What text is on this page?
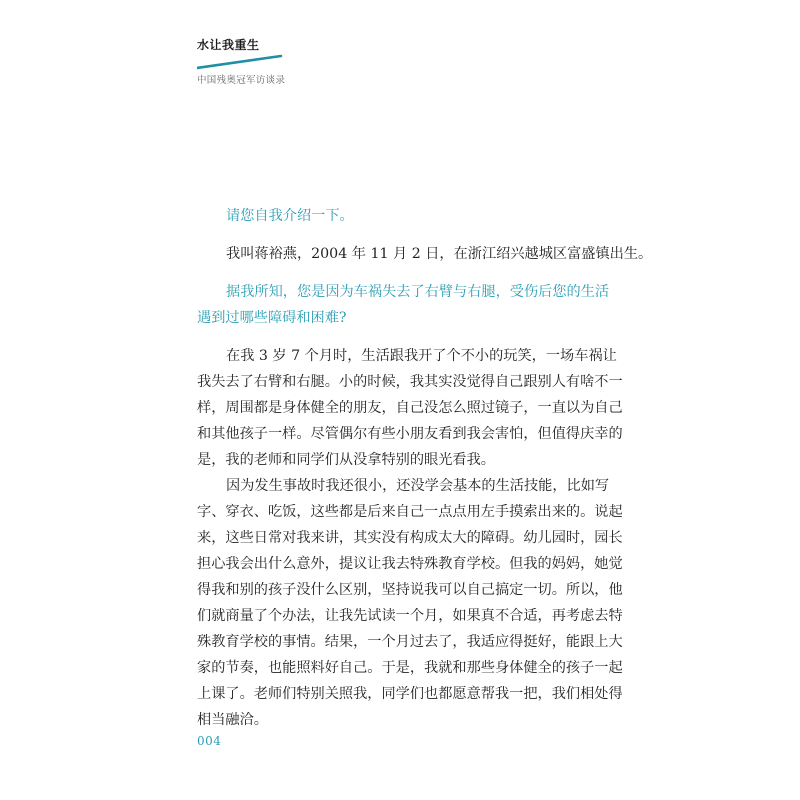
水让我重生
中国残奥冠军访谈录
请您自我介绍一下。
我叫蒋裕燕，2004 年 11 月 2 日，在浙江绍兴越城区富盛镇出生。
据我所知，您是因为车祸失去了右臂与右腿，受伤后您的生活
遇到过哪些障碍和困难?
在我 3 岁 7 个月时，生活跟我开了个不小的玩笑，一场车祸让
我失去了右臂和右腿。小的时候，我其实没觉得自己跟别人有啥不一
样，周围都是身体健全的朋友，自己没怎么照过镜子，一直以为自己
和其他孩子一样。尽管偶尔有些小朋友看到我会害怕，但值得庆幸的
是，我的老师和同学们从没拿特别的眼光看我。
因为发生事故时我还很小，还没学会基本的生活技能，比如写
字、穿衣、吃饭，这些都是后来自己一点点用左手摸索出来的。说起
来，这些日常对我来讲，其实没有构成太大的障碍。幼儿园时，园长
担心我会出什么意外，提议让我去特殊教育学校。但我的妈妈，她觉
得我和别的孩子没什么区别，坚持说我可以自己搞定一切。所以，他
们就商量了个办法，让我先试读一个月，如果真不合适，再考虑去特
殊教育学校的事情。结果，一个月过去了，我适应得挺好，能跟上大
家的节奏，也能照料好自己。于是，我就和那些身体健全的孩子一起
上课了。老师们特别关照我，同学们也都愿意帮我一把，我们相处得
相当融洽。
004
